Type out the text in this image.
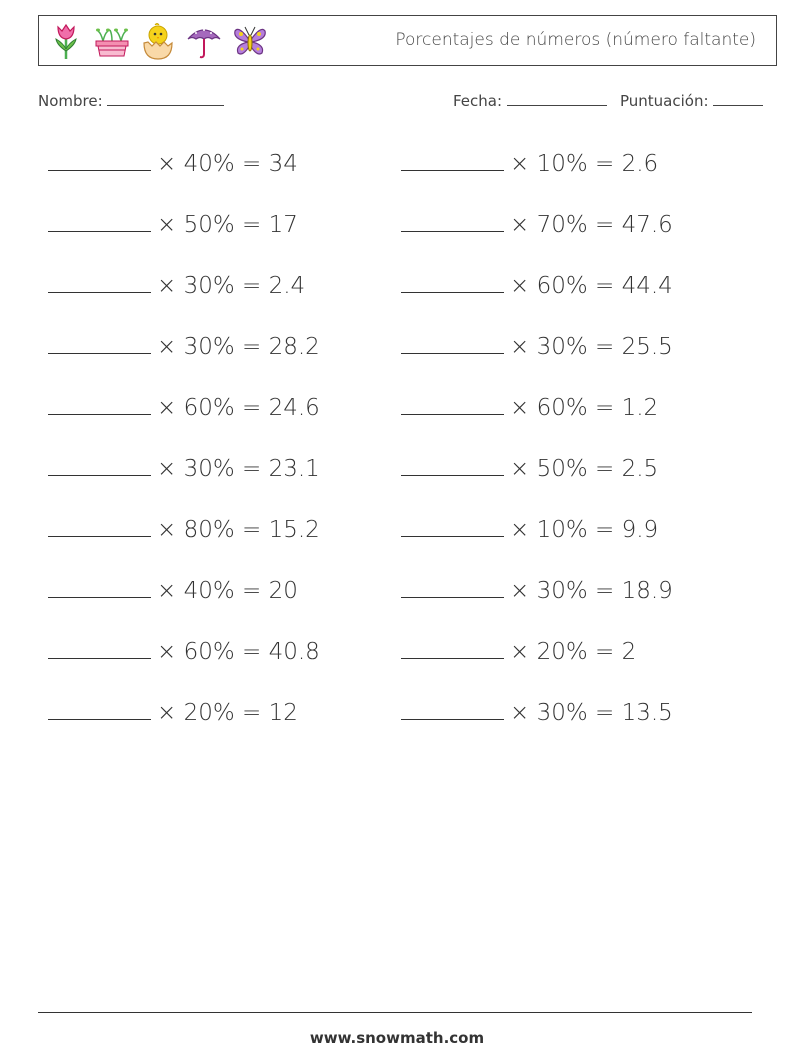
Porcentajes de números (número faltante)
Nombre:	Fecha:	Puntuación:
× 40% = 34
× 50% = 17
× 30% = 2.4
× 30% = 28.2
× 60% = 24.6
× 30% = 23.1
× 80% = 15.2
× 40% = 20
× 60% = 40.8
× 20% = 12
× 10% = 2.6
× 70% = 47.6
× 60% = 44.4
× 30% = 25.5
× 60% = 1.2
× 50% = 2.5
× 10% = 9.9
× 30% = 18.9
× 20% = 2
× 30% = 13.5
www.snowmath.com
